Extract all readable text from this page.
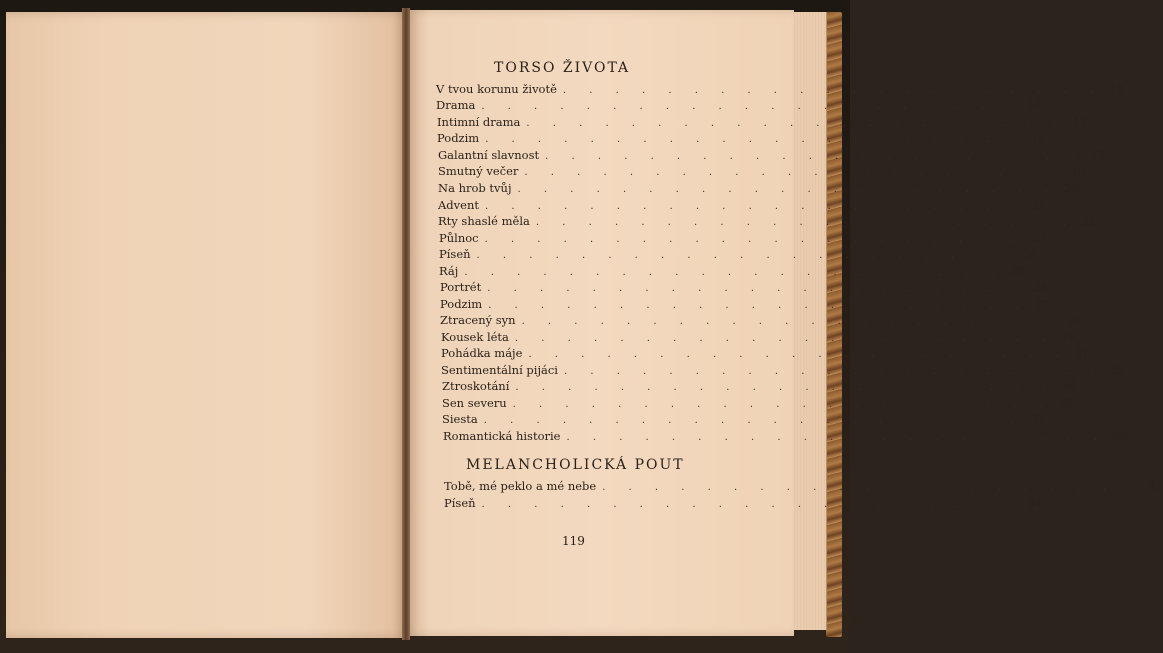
TORSO ŽIVOTA
V tvou korunu životě . . . . . . . . . . . . . . . . . . . . . 13
Drama . . . . . . . . . . . . . . . . . . . . . 14
Intimní drama . . . . . . . . . . . . . . . . . . . . . 15
Podzim . . . . . . . . . . . . . . . . . . . . . 16
Galantní slavnost . . . . . . . . . . . . . . . . . . . . . 17
Smutný večer . . . . . . . . . . . . . . . . . . . . . 19
Na hrob tvůj . . . . . . . . . . . . . . . . . . . . . 20
Advent . . . . . . . . . . . . . . . . . . . . . 21
Rty shaslé měla . . . . . . . . . . . . . . . . . . . . . 22
Půlnoc . . . . . . . . . . . . . . . . . . . . . 23
Píseň . . . . . . . . . . . . . . . . . . . . . 24
Ráj . . . . . . . . . . . . . . . . . . . . . 25
Portrét . . . . . . . . . . . . . . . . . . . . . 26
Podzim . . . . . . . . . . . . . . . . . . . . . 27
Ztracený syn . . . . . . . . . . . . . . . . . . . . . 28
Kousek léta . . . . . . . . . . . . . . . . . . . . . 29
Pohádka máje . . . . . . . . . . . . . . . . . . . . . 31
Sentimentální pijáci . . . . . . . . . . . . . . . . . . . . . 33
Ztroskotání . . . . . . . . . . . . . . . . . . . . . 34
Sen severu . . . . . . . . . . . . . . . . . . . . . 35
Siesta . . . . . . . . . . . . . . . . . . . . . 37
Romantická historie . . . . . . . . . . . . . . . . . . . . . 39
MELANCHOLICKÁ POUT
Tobě, mé peklo a mé nebe . . . . . . . . . . . . . . . . . . . . . 43
Píseň . . . . . . . . . . . . . . . . . . . . . 44
119
